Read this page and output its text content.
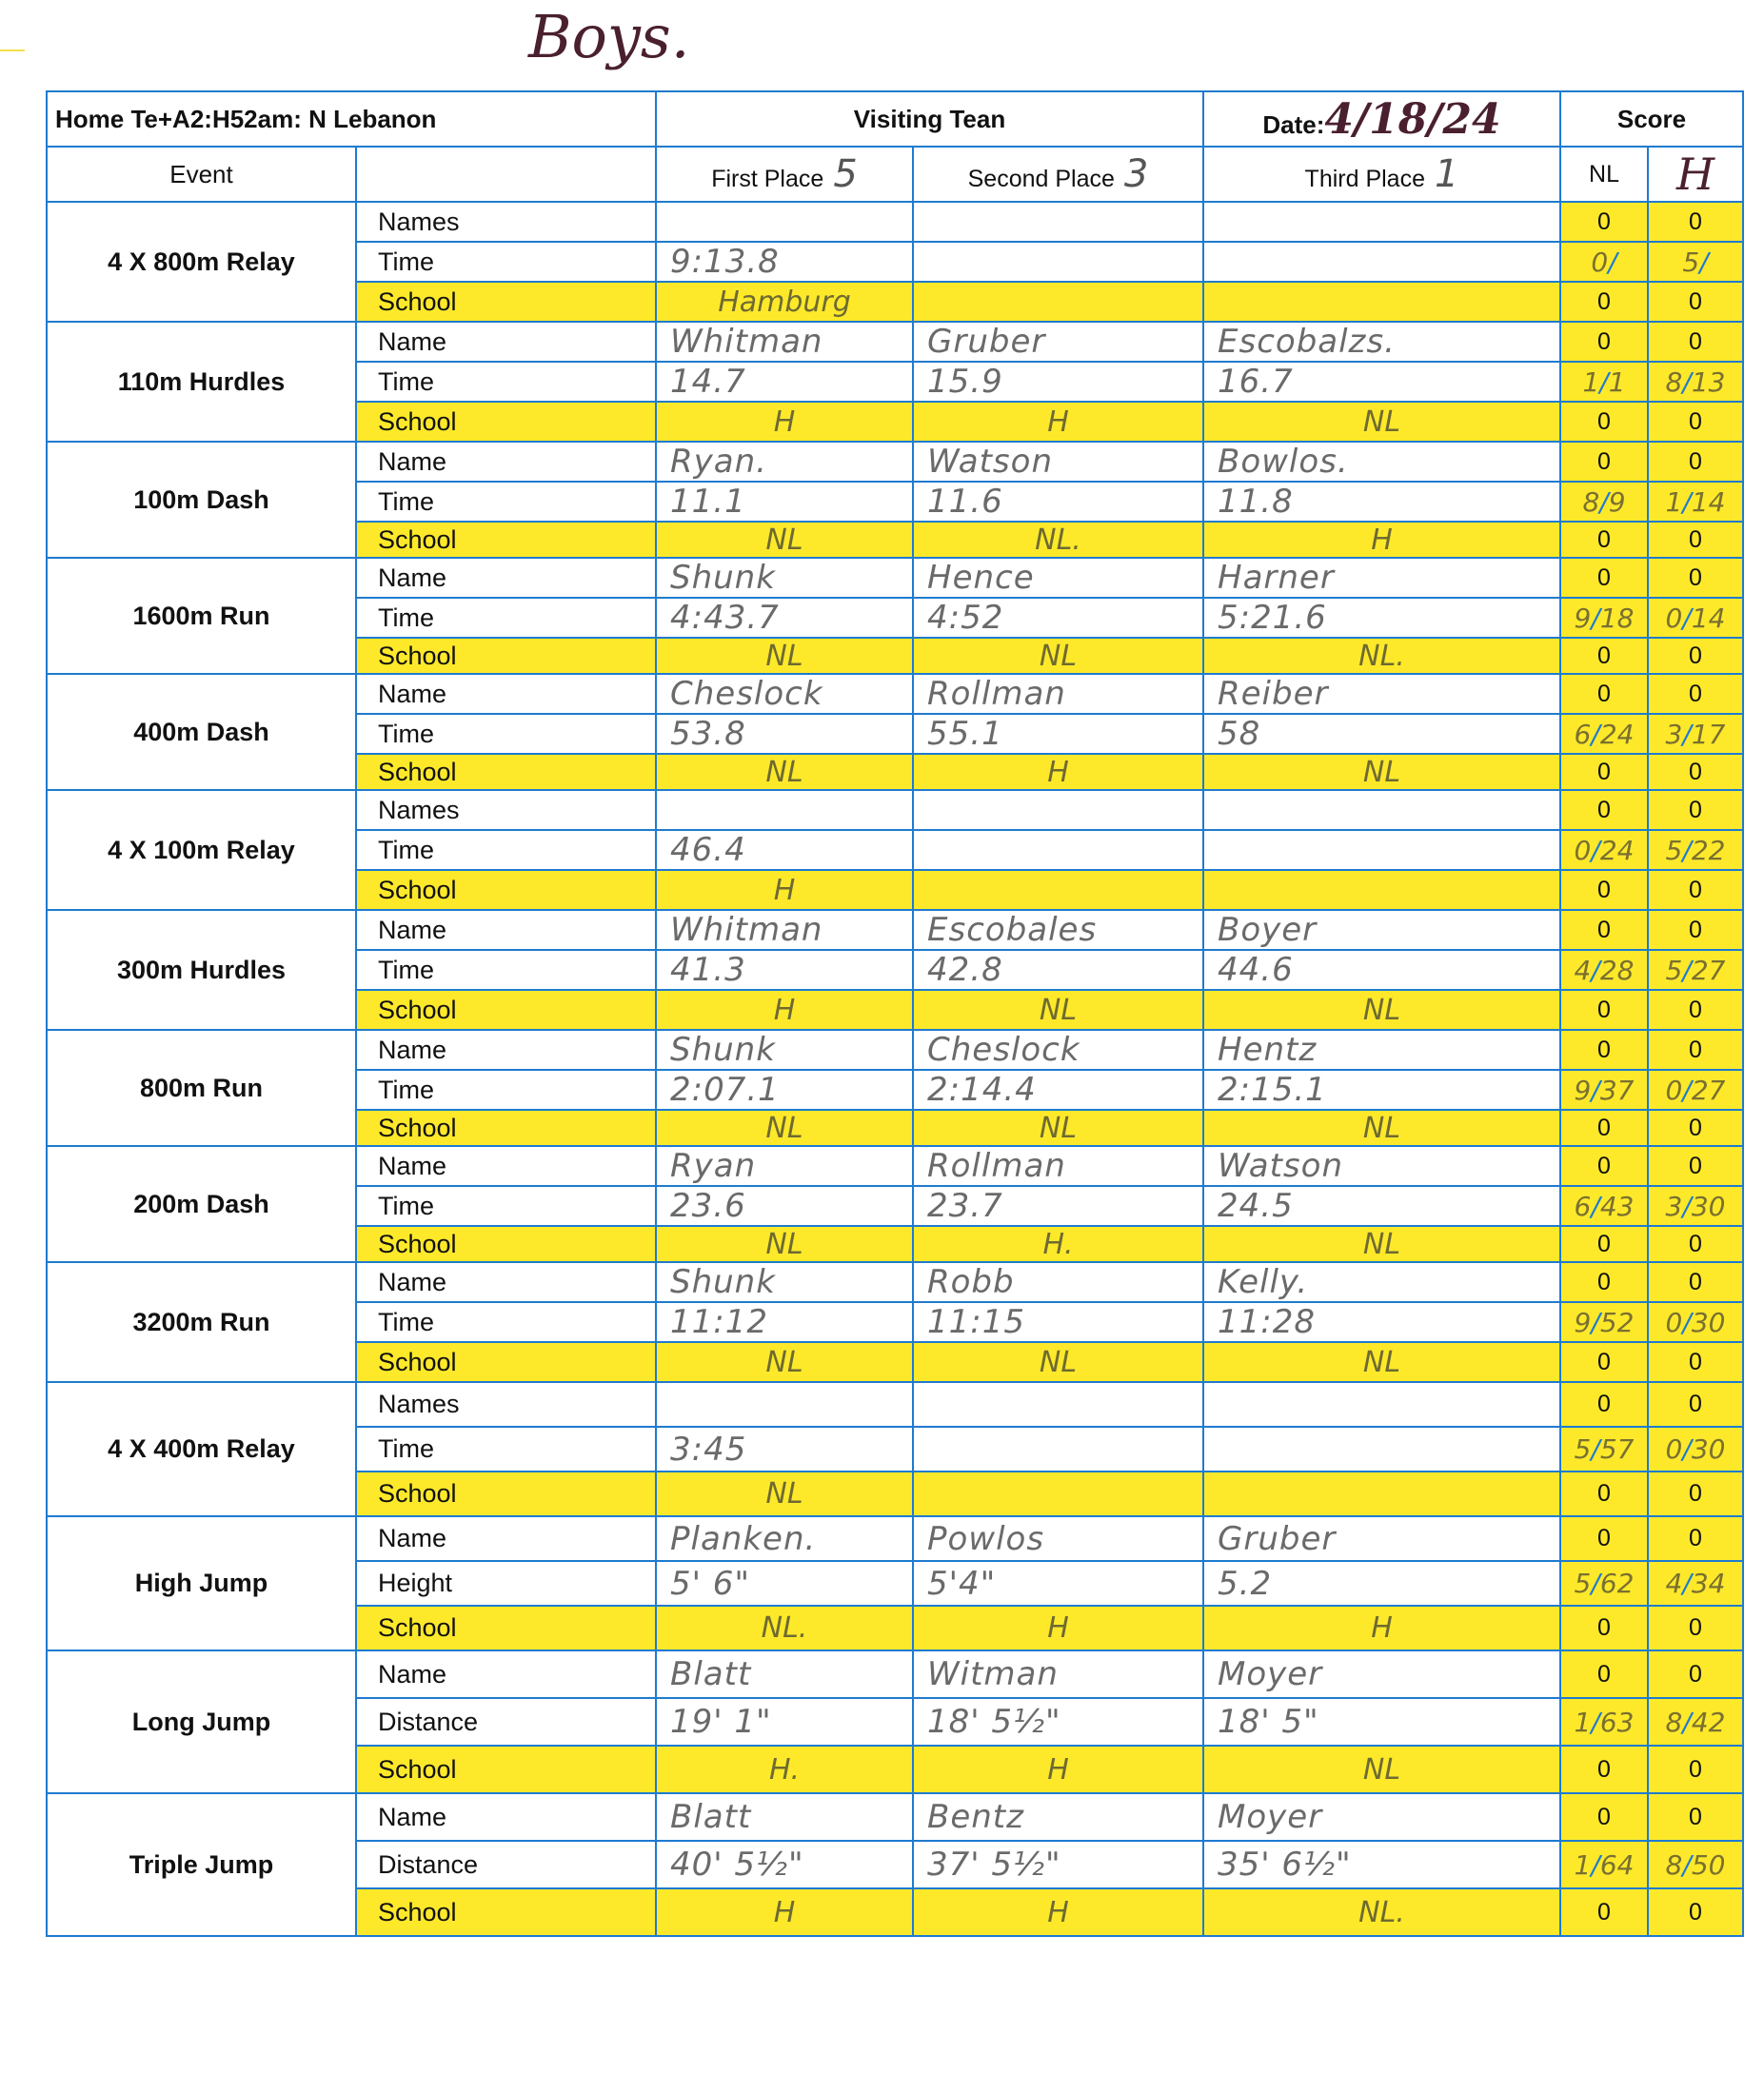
Boys.
Home Te+A2:H52am: N Lebanon		Visiting Tean		Date:4/18/24	Score	
Event		First Place 5	Second Place 3	Third Place 1	NL	H
4 X 800m Relay	Names				0	0
	Time	9:13.8			0/	5/
	School	Hamburg			0	0
110m Hurdles	Name	Whitman	Gruber	Escobalzs.	0	0
	Time	14.7	15.9	16.7	1/1	8/13
	School	H	H	NL	0	0
100m Dash	Name	Ryan.	Watson	Bowlos.	0	0
	Time	11.1	11.6	11.8	8/9	1/14
	School	NL	NL.	H	0	0
1600m Run	Name	Shunk	Hence	Harner	0	0
	Time	4:43.7	4:52	5:21.6	9/18	0/14
	School	NL	NL	NL.	0	0
400m Dash	Name	Cheslock	Rollman	Reiber	0	0
	Time	53.8	55.1	58	6/24	3/17
	School	NL	H	NL	0	0
4 X 100m Relay	Names				0	0
	Time	46.4			0/24	5/22
	School	H			0	0
300m Hurdles	Name	Whitman	Escobales	Boyer	0	0
	Time	41.3	42.8	44.6	4/28	5/27
	School	H	NL	NL	0	0
800m Run	Name	Shunk	Cheslock	Hentz	0	0
	Time	2:07.1	2:14.4	2:15.1	9/37	0/27
	School	NL	NL	NL	0	0
200m Dash	Name	Ryan	Rollman	Watson	0	0
	Time	23.6	23.7	24.5	6/43	3/30
	School	NL	H.	NL	0	0
3200m Run	Name	Shunk	Robb	Kelly.	0	0
	Time	11:12	11:15	11:28	9/52	0/30
	School	NL	NL	NL	0	0
4 X 400m Relay	Names				0	0
	Time	3:45			5/57	0/30
	School	NL			0	0
High Jump	Name	Planken.	Powlos	Gruber	0	0
	Height	5' 6"	5'4"	5.2	5/62	4/34
	School	NL.	H	H	0	0
Long Jump	Name	Blatt	Witman	Moyer	0	0
	Distance	19' 1"	18' 5½"	18' 5"	1/63	8/42
	School	H.	H	NL	0	0
Triple Jump	Name	Blatt	Bentz	Moyer	0	0
	Distance	40' 5½"	37' 5½"	35' 6½"	1/64	8/50
	School	H	H	NL.	0	0
